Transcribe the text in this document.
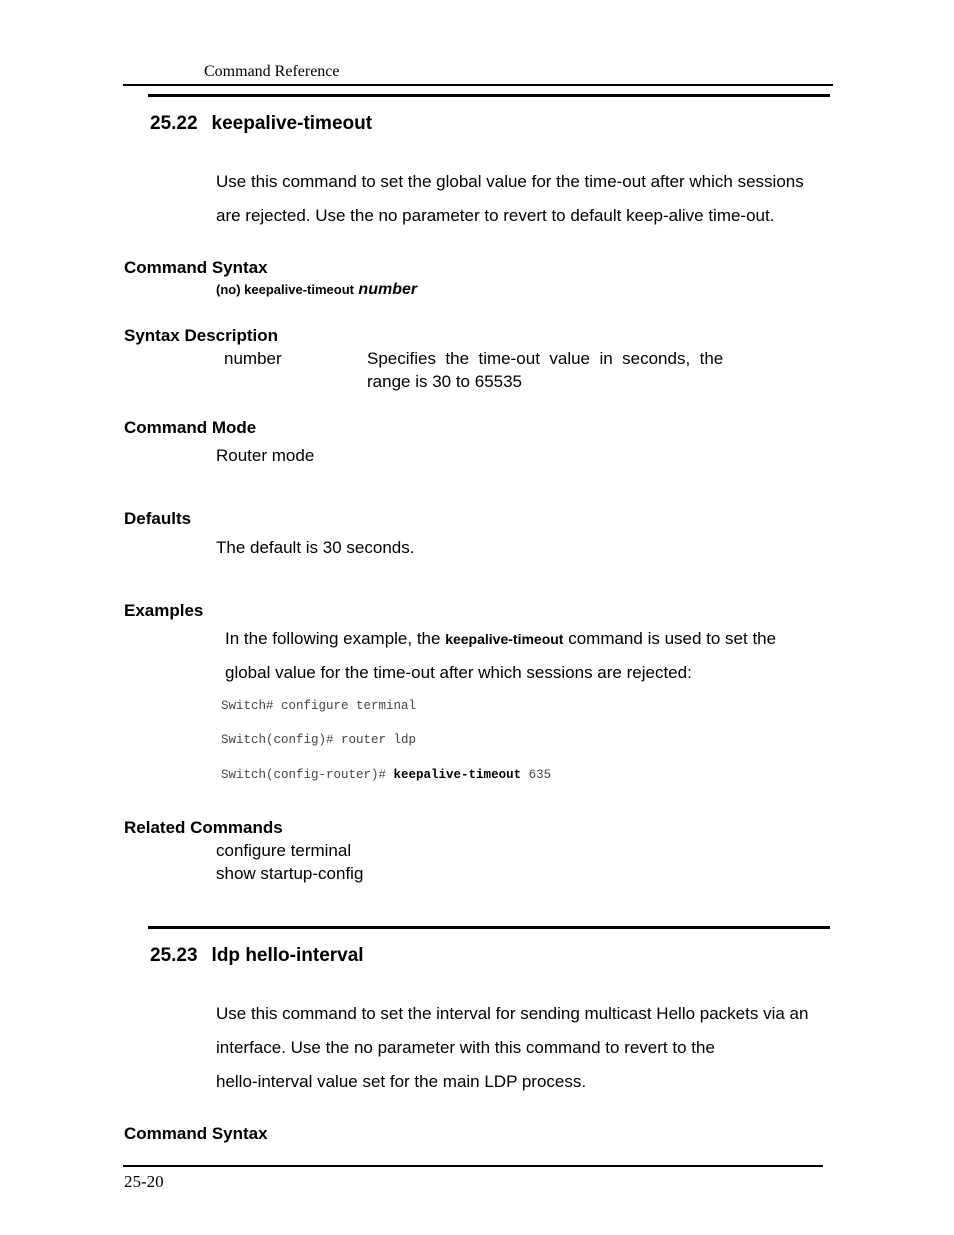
Command Reference
25.22 keepalive-timeout
Use this command to set the global value for the time-out after which sessions
are rejected. Use the no parameter to revert to default keep-alive time-out.
Command Syntax
(no) keepalive-timeout number
Syntax Description
number	Specifies  the  time-out  value  in  seconds,  the
range is 30 to 65535
Command Mode
Router mode
Defaults
The default is 30 seconds.
Examples
In the following example, the keepalive-timeout command is used to set the
global value for the time-out after which sessions are rejected:
Switch# configure terminal
Switch(config)# router ldp
Switch(config-router)# keepalive-timeout 635
Related Commands
configure terminal
show startup-config
25.23 ldp hello-interval
Use this command to set the interval for sending multicast Hello packets via an
interface. Use the no parameter with this command to revert to the
hello-interval value set for the main LDP process.
Command Syntax
25-20
